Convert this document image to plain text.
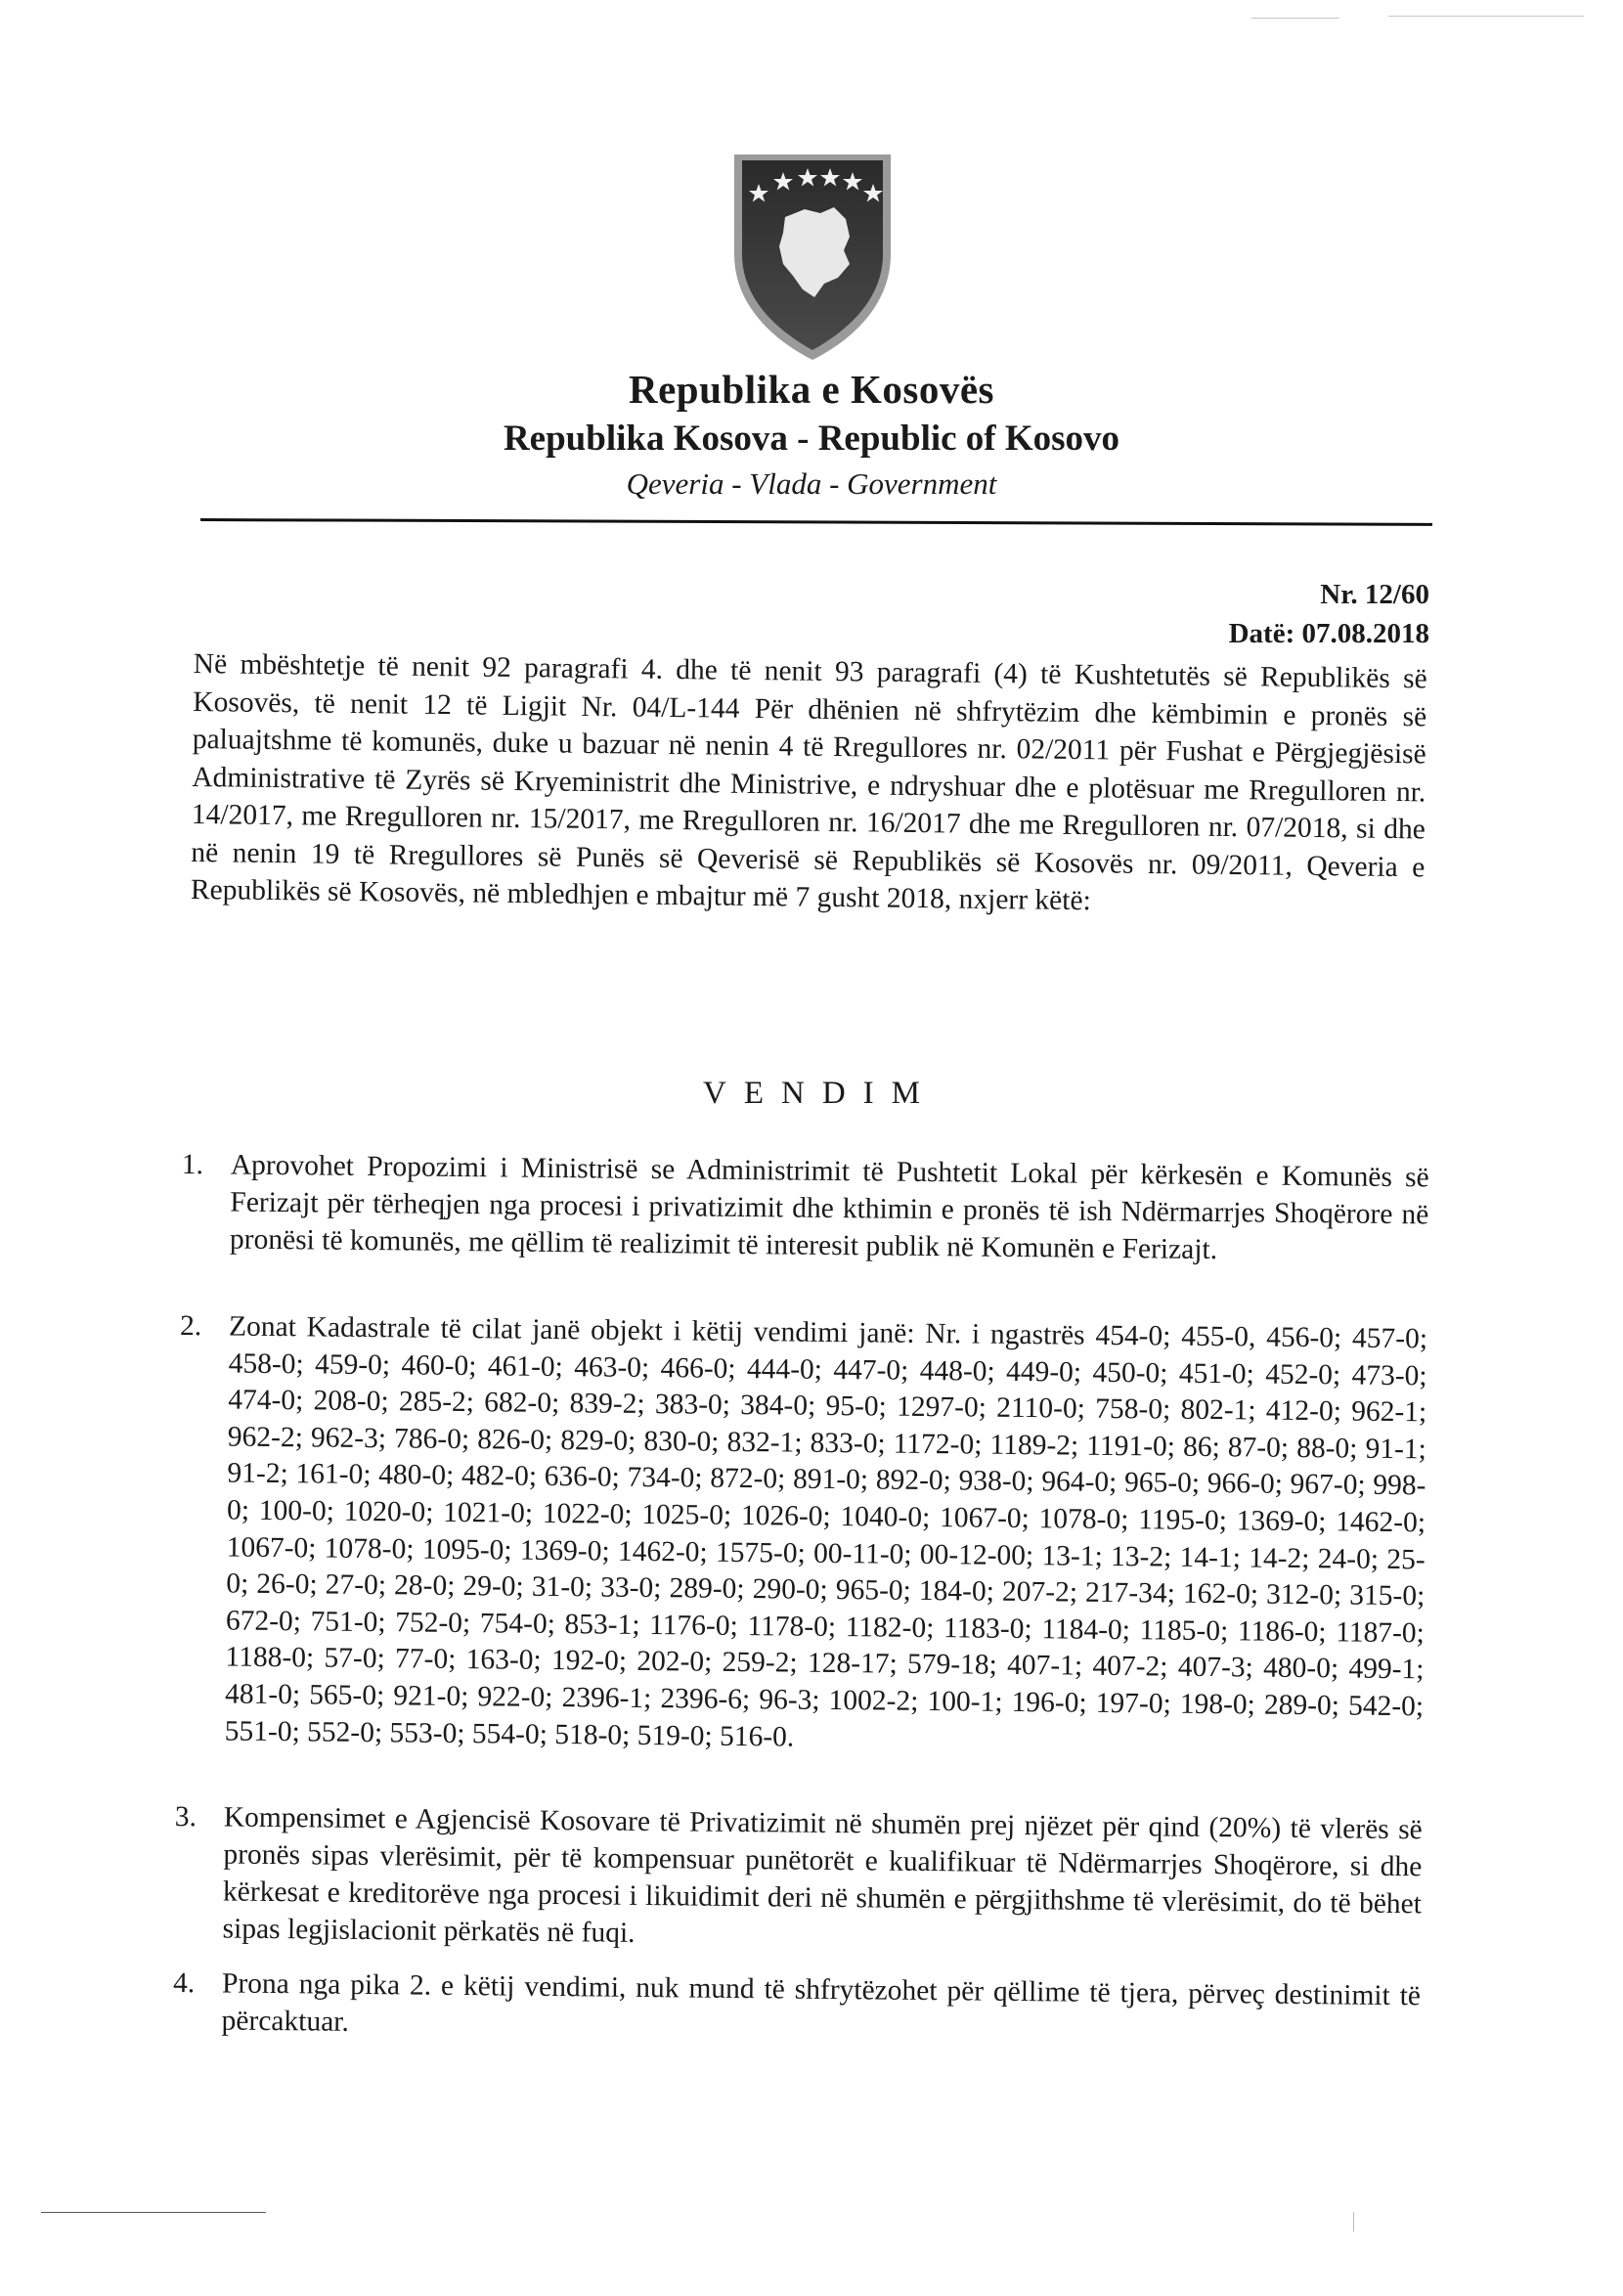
Republika e Kosovës

Republika Kosova - Republic of Kosovo

Qeveria - Vlada - Government

Nr. 12/60
Datë: 07.08.2018
Në mbështetje të nenit 92 paragrafi 4. dhe të nenit 93 paragrafi (4) të Kushtetutës së Republikës së Kosovës, të nenit 12 të Ligjit Nr. 04/L-144 Për dhënien në shfrytëzim dhe këmbimin e pronës së paluajtshme të komunës, duke u bazuar në nenin 4 të Rregullores nr. 02/2011 për Fushat e Përgjegjësisë Administrative të Zyrës së Kryeministrit dhe Ministrive, e ndryshuar dhe e plotësuar me Rregulloren nr. 14/2017, me Rregulloren nr. 15/2017, me Rregulloren nr. 16/2017 dhe me Rregulloren nr. 07/2018, si dhe në nenin 19 të Rregullores së Punës së Qeverisë së Republikës së Kosovës nr. 09/2011, Qeveria e Republikës së Kosovës, në mbledhjen e mbajtur më 7 gusht 2018, nxjerr këtë:
VENDIM
1. Aprovohet Propozimi i Ministrisë se Administrimit të Pushtetit Lokal për kërkesën e Komunës së Ferizajt për tërheqjen nga procesi i privatizimit dhe kthimin e pronës të ish Ndërmarrjes Shoqërore në pronësi të komunës, me qëllim të realizimit të interesit publik në Komunën e Ferizajt.
2. Zonat Kadastrale të cilat janë objekt i këtij vendimi janë: Nr. i ngastrës 454-0; 455-0, 456-0; 457-0; 458-0; 459-0; 460-0; 461-0; 463-0; 466-0; 444-0; 447-0; 448-0; 449-0; 450-0; 451-0; 452-0; 473-0; 474-0; 208-0; 285-2; 682-0; 839-2; 383-0; 384-0; 95-0; 1297-0; 2110-0; 758-0; 802-1; 412-0; 962-1; 962-2; 962-3; 786-0; 826-0; 829-0; 830-0; 832-1; 833-0; 1172-0; 1189-2; 1191-0; 86; 87-0; 88-0; 91-1; 91-2; 161-0; 480-0; 482-0; 636-0; 734-0; 872-0; 891-0; 892-0; 938-0; 964-0; 965-0; 966-0; 967-0; 998-0; 100-0; 1020-0; 1021-0; 1022-0; 1025-0; 1026-0; 1040-0; 1067-0; 1078-0; 1195-0; 1369-0; 1462-0; 1067-0; 1078-0; 1095-0; 1369-0; 1462-0; 1575-0; 00-11-0; 00-12-00; 13-1; 13-2; 14-1; 14-2; 24-0; 25-0; 26-0; 27-0; 28-0; 29-0; 31-0; 33-0; 289-0; 290-0; 965-0; 184-0; 207-2; 217-34; 162-0; 312-0; 315-0; 672-0; 751-0; 752-0; 754-0; 853-1; 1176-0; 1178-0; 1182-0; 1183-0; 1184-0; 1185-0; 1186-0; 1187-0; 1188-0; 57-0; 77-0; 163-0; 192-0; 202-0; 259-2; 128-17; 579-18; 407-1; 407-2; 407-3; 480-0; 499-1; 481-0; 565-0; 921-0; 922-0; 2396-1; 2396-6; 96-3; 1002-2; 100-1; 196-0; 197-0; 198-0; 289-0; 542-0; 551-0; 552-0; 553-0; 554-0; 518-0; 519-0; 516-0.
3. Kompensimet e Agjencisë Kosovare të Privatizimit në shumën prej njëzet për qind (20%) të vlerës së pronës sipas vlerësimit, për të kompensuar punëtorët e kualifikuar të Ndërmarrjes Shoqërore, si dhe kërkesat e kreditorëve nga procesi i likuidimit deri në shumën e përgjithshme të vlerësimit, do të bëhet sipas legjislacionit përkatës në fuqi.
4. Prona nga pika 2. e këtij vendimi, nuk mund të shfrytëzohet për qëllime të tjera, përveç destinimit të përcaktuar.
